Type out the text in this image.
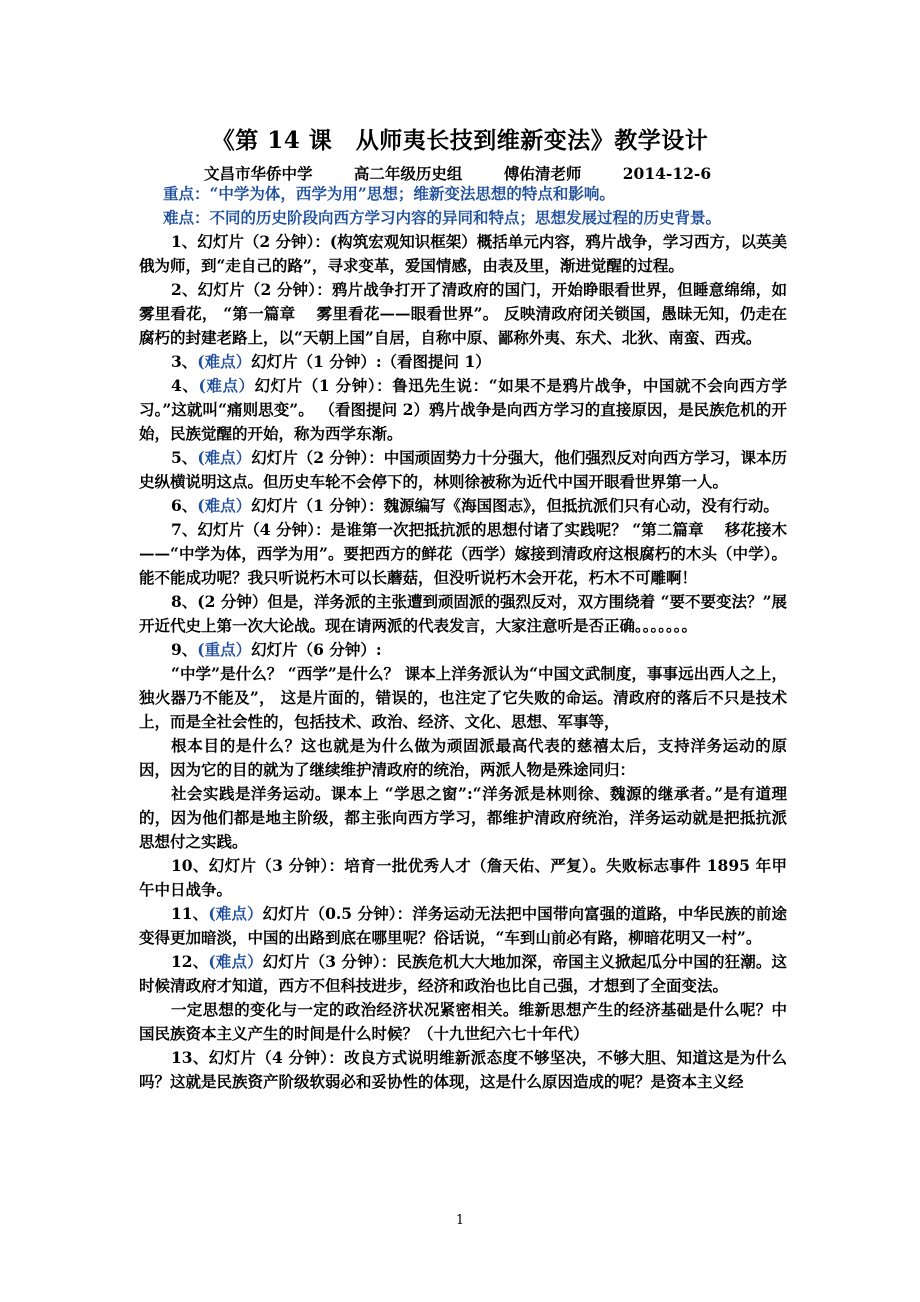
《第 14 课　从师夷长技到维新变法》教学设计
文昌市华侨中学	高二年级历史组	傅佑清老师	2014-12-6

重点：“中学为体，西学为用”思想；维新变法思想的特点和影响。

难点：不同的历史阶段向西方学习内容的异同和特点；思想发展过程的历史背景。

1、幻灯片（2 分钟）：(构筑宏观知识框架）概括单元内容，鸦片战争，学习西方，以英美俄为师，到“走自己的路”，寻求变革，爱国情感，由表及里，渐进觉醒的过程。

2、幻灯片（2 分钟）：鸦片战争打开了清政府的国门，开始睁眼看世界，但睡意绵绵，如雾里看花， “第一篇章　 雾里看花——眼看世界”。 反映清政府闭关锁国，愚昧无知，仍走在腐朽的封建老路上，以“天朝上国”自居，自称中原、鄙称外夷、东犬、北狄、南蛮、西戎。

3、(难点）幻灯片（1 分钟）:（看图提问 1）

4、(难点）幻灯片（1 分钟）：鲁迅先生说：“如果不是鸦片战争，中国就不会向西方学习。”这就叫“痛则思变”。 （看图提问 2）鸦片战争是向西方学习的直接原因，是民族危机的开始，民族觉醒的开始，称为西学东渐。

5、(难点）幻灯片（2 分钟）：中国顽固势力十分强大，他们强烈反对向西方学习，课本历史纵横说明这点。但历史车轮不会停下的，林则徐被称为近代中国开眼看世界第一人。

6、(难点）幻灯片（1 分钟）：魏源编写《海国图志》，但抵抗派们只有心动，没有行动。

7、幻灯片（4 分钟）：是谁第一次把抵抗派的思想付诸了实践呢？ “第二篇章　 移花接木——“中学为体，西学为用”。要把西方的鲜花（西学）嫁接到清政府这根腐朽的木头（中学）。能不能成功呢？我只听说朽木可以长蘑菇，但没听说朽木会开花，朽木不可雕啊！

8、(2 分钟）但是，洋务派的主张遭到顽固派的强烈反对，双方围绕着 “要不要变法？”展开近代史上第一次大论战。现在请两派的代表发言，大家注意听是否正确。。。。。。。

9、(重点）幻灯片（6 分钟）:

“中学”是什么？ “西学”是什么？ 课本上洋务派认为“中国文武制度，事事远出西人之上，独火器乃不能及”， 这是片面的，错误的，也注定了它失败的命运。清政府的落后不只是技术上，而是全社会性的，包括技术、政治、经济、文化、思想、军事等，

根本目的是什么？这也就是为什么做为顽固派最高代表的慈禧太后，支持洋务运动的原因，因为它的目的就为了继续维护清政府的统治，两派人物是殊途同归：

社会实践是洋务运动。课本上 “学思之窗”:“洋务派是林则徐、魏源的继承者。”是有道理的，因为他们都是地主阶级，都主张向西方学习，都维护清政府统治，洋务运动就是把抵抗派思想付之实践。

10、幻灯片（3 分钟）：培育一批优秀人才（詹天佑、严复）。失败标志事件 1895 年甲午中日战争。

11、(难点）幻灯片（0.5 分钟）：洋务运动无法把中国带向富强的道路，中华民族的前途变得更加暗淡，中国的出路到底在哪里呢？俗话说，“车到山前必有路，柳暗花明又一村”。

12、(难点）幻灯片（3 分钟）：民族危机大大地加深，帝国主义掀起瓜分中国的狂潮。这时候清政府才知道，西方不但科技进步，经济和政治也比自己强，才想到了全面变法。

一定思想的变化与一定的政治经济状况紧密相关。维新思想产生的经济基础是什么呢？中国民族资本主义产生的时间是什么时候？（十九世纪六七十年代）

13、幻灯片（4 分钟）：改良方式说明维新派态度不够坚决，不够大胆、知道这是为什么吗？这就是民族资产阶级软弱必和妥协性的体现，这是什么原因造成的呢？是资本主义经

1
